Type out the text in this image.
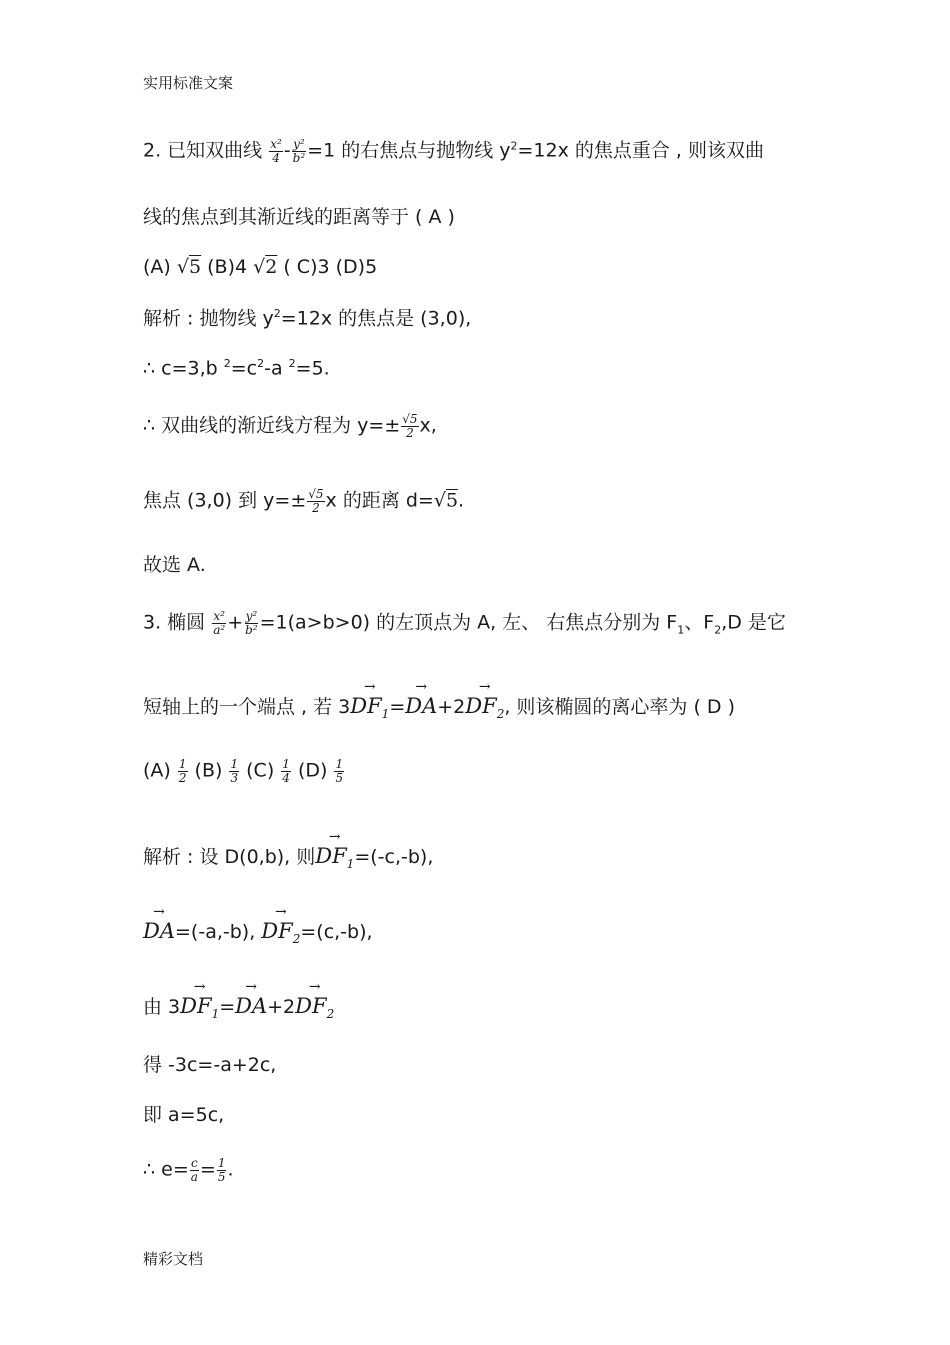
实用标准文案
2. 已知双曲线 $\frac{\text{x²}}{4} - \frac{\text{y²}}{\text{b²}} =1$ 的右焦点与抛物线 $y^2=12x$ 的焦点重合 , 则该双曲
线的焦点到其渐近线的距离等于 ( A )
(A) √5 (B)4 √2 ( C)3 (D)5
解析 : 抛物线 $y^2=12x$ 的焦点是 (3,0),
∴ c=3,b $^2=c^2-a$ $^2$=5.
∴ 双曲线的渐近线方程为 $y=\pm \frac{√5}{2} x$,
焦点 (3,0) 到 $y=\pm \frac{√5}{2}$ x 的距离 d=√5.
故选 A.
3. 椭圆 $\frac{\text{x²}}{\text{a²}} + \frac{\text{y²}}{\text{b²}} =1(a>b>0)$ 的左顶点为 A, 左、 右焦点分别为 $F_1$、$F_2,D$ 是它
短轴上的一个端点 , 若 $3\to DF_1=\to DA+2\to DF_2$, 则该椭圆的离心率为 ( D )
$(A) \frac{1}{2} (B) \frac{1}{3} (C) \frac{1}{4} (D) \frac{1}{5}$
解析 : 设 D(0,b), 则→ $DF_1=(-c,-b)$,
→ DA=(-a,-b), → $DF_2=(c,-b)$,
由 $3\to DF_1=\to DA+2\to DF_2$
得 -3c=-a+2c,
即 a=5c,
∴ $e= \frac{c}{a} = \frac{1}{5}$ .
精彩文档
